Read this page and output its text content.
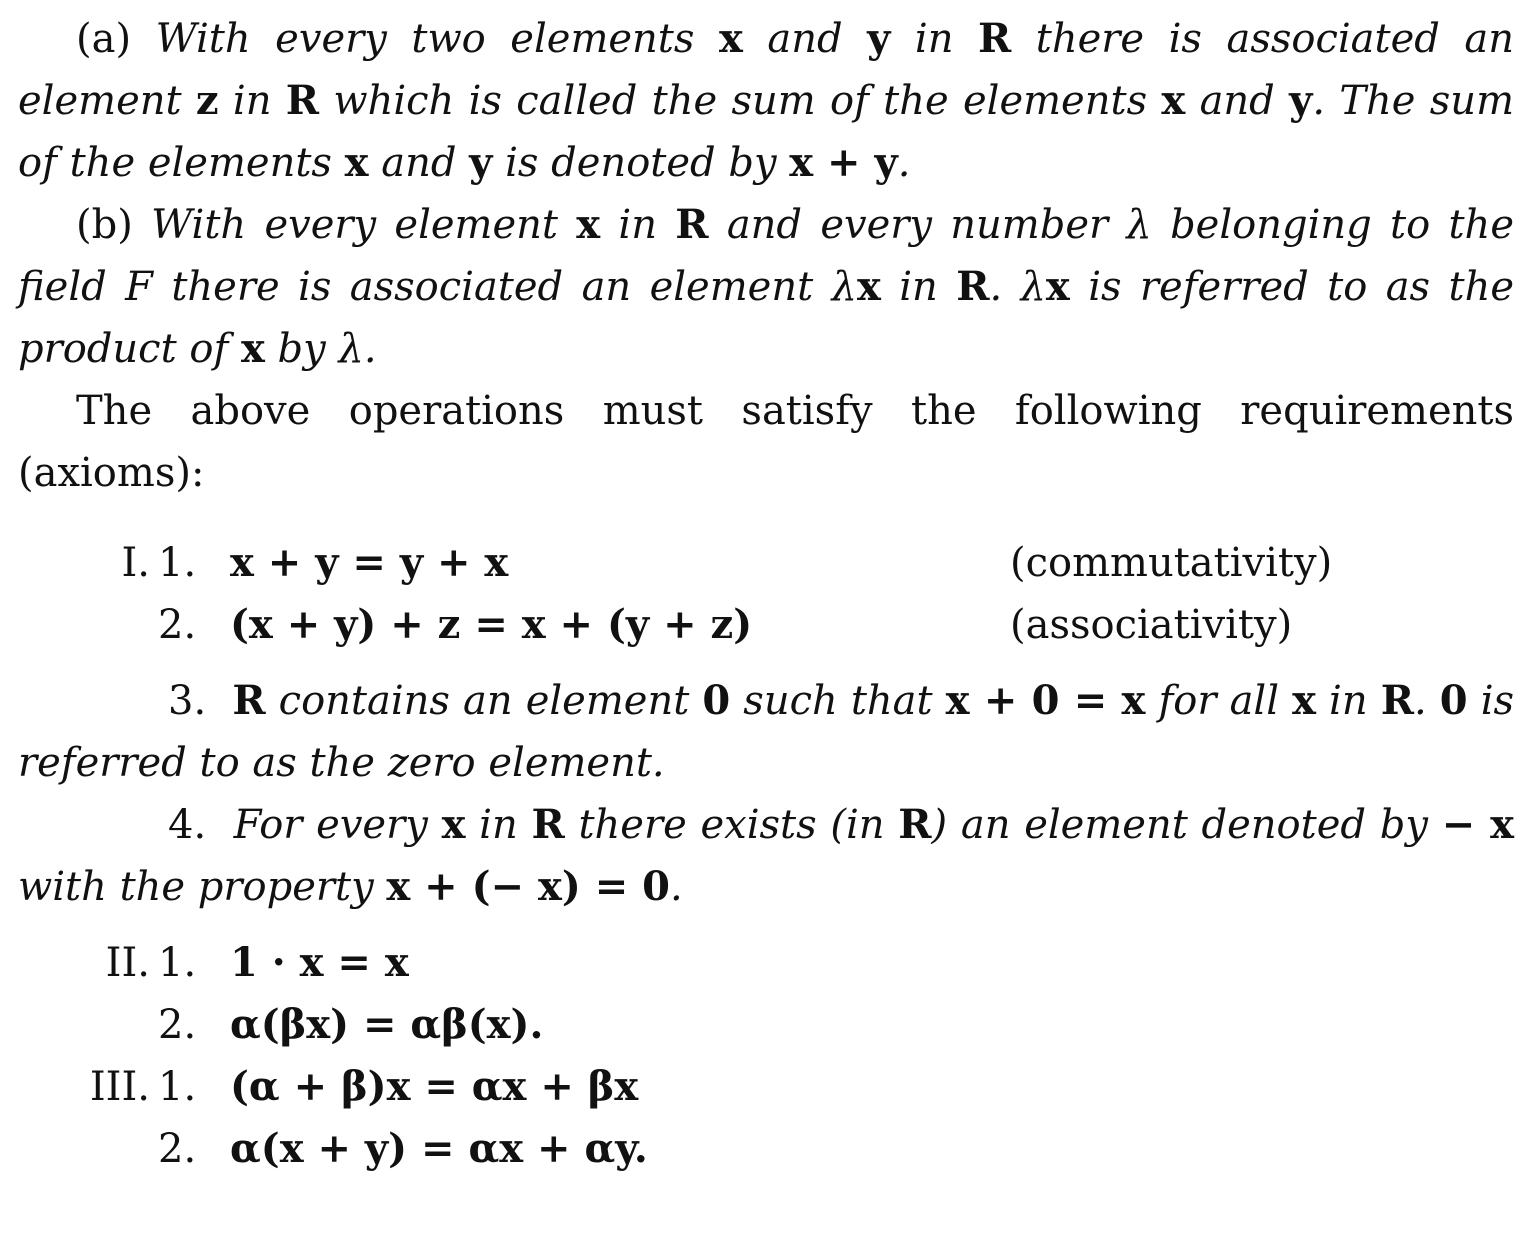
(a) With every two elements x and y in R there is associated an element z in R which is called the sum of the elements x and y. The sum of the elements x and y is denoted by x + y.

(b) With every element x in R and every number λ belonging to the field F there is associated an element λx in R. λx is referred to as the product of x by λ.

The above operations must satisfy the following requirements (axioms):

I. 1. x + y = y + x	(commutativity)
2. (x + y) + z = x + (y + z)	(associativity)

3. R contains an element 0 such that x + 0 = x for all x in R. 0 is referred to as the zero element.

4. For every x in R there exists (in R) an element denoted by − x with the property x + (− x) = 0.

II. 1. 1 · x = x
2. α(βx) = αβ(x).
III. 1. (α + β)x = αx + βx
2. α(x + y) = αx + αy.
